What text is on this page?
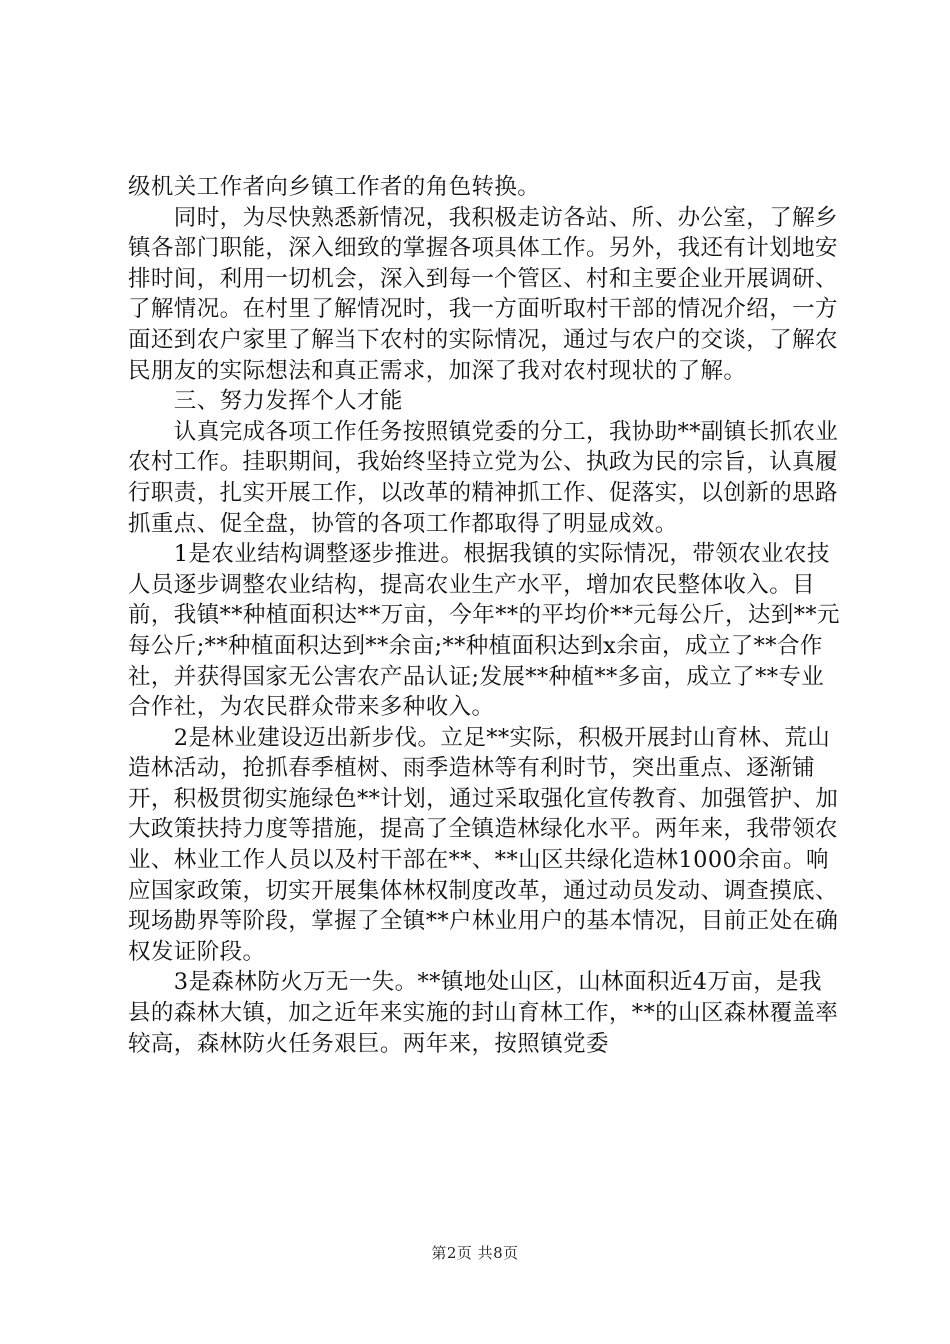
级机关工作者向乡镇工作者的角色转换。

　　同时，为尽快熟悉新情况，我积极走访各站、所、办公室，了解乡镇各部门职能，深入细致的掌握各项具体工作。另外，我还有计划地安排时间，利用一切机会，深入到每一个管区、村和主要企业开展调研、了解情况。在村里了解情况时，我一方面听取村干部的情况介绍，一方面还到农户家里了解当下农村的实际情况，通过与农户的交谈，了解农民朋友的实际想法和真正需求，加深了我对农村现状的了解。

　　三、努力发挥个人才能

　　认真完成各项工作任务按照镇党委的分工，我协助**副镇长抓农业农村工作。挂职期间，我始终坚持立党为公、执政为民的宗旨，认真履行职责，扎实开展工作，以改革的精神抓工作、促落实，以创新的思路抓重点、促全盘，协管的各项工作都取得了明显成效。

　　1是农业结构调整逐步推进。根据我镇的实际情况，带领农业农技人员逐步调整农业结构，提高农业生产水平，增加农民整体收入。目前，我镇**种植面积达**万亩，今年**的平均价**元每公斤，达到**元每公斤;**种植面积达到**余亩;**种植面积达到x余亩，成立了**合作社，并获得国家无公害农产品认证;发展**种植**多亩，成立了**专业合作社，为农民群众带来多种收入。

　　2是林业建设迈出新步伐。立足**实际，积极开展封山育林、荒山造林活动，抢抓春季植树、雨季造林等有利时节，突出重点、逐渐铺开，积极贯彻实施绿色**计划，通过采取强化宣传教育、加强管护、加大政策扶持力度等措施，提高了全镇造林绿化水平。两年来，我带领农业、林业工作人员以及村干部在**、**山区共绿化造林1000余亩。响应国家政策，切实开展集体林权制度改革，通过动员发动、调查摸底、现场勘界等阶段，掌握了全镇**户林业用户的基本情况，目前正处在确权发证阶段。

　　3是森林防火万无一失。**镇地处山区，山林面积近4万亩，是我县的森林大镇，加之近年来实施的封山育林工作，**的山区森林覆盖率较高，森林防火任务艰巨。两年来，按照镇党委

第2页 共8页
